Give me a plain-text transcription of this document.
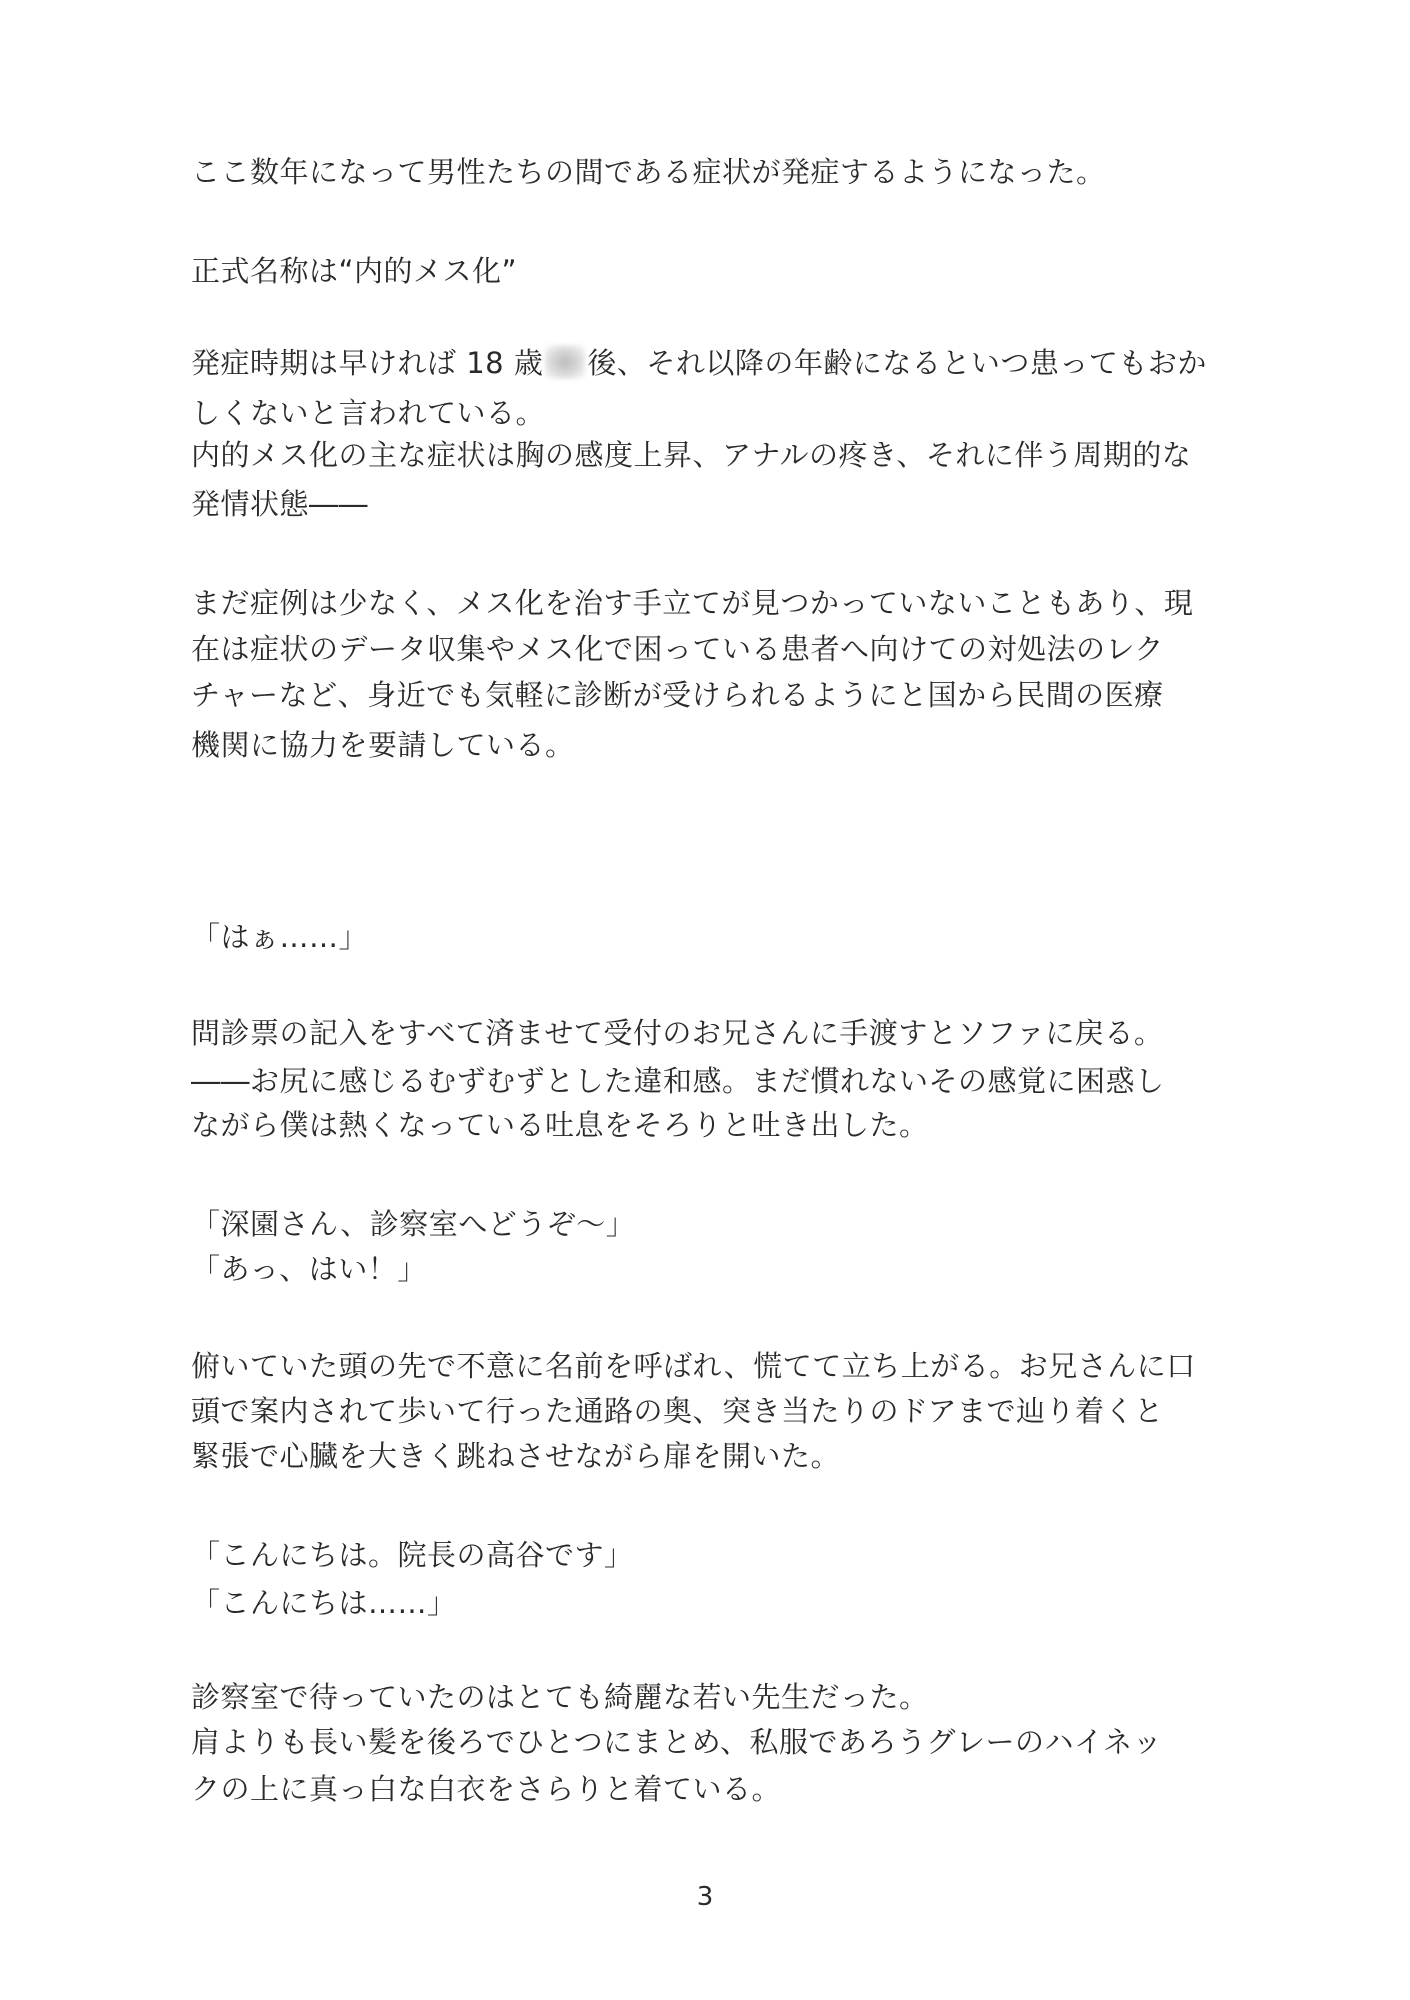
ここ数年になって男性たちの間である症状が発症するようになった。
正式名称は“内的メス化”
発症時期は早ければ 18 歳 後、それ以降の年齢になるといつ患ってもおか
しくないと言われている。
内的メス化の主な症状は胸の感度上昇、アナルの疼き、それに伴う周期的な
発情状態――
まだ症例は少なく、メス化を治す手立てが見つかっていないこともあり、現
在は症状のデータ収集やメス化で困っている患者へ向けての対処法のレク
チャーなど、身近でも気軽に診断が受けられるようにと国から民間の医療
機関に協力を要請している。
「はぁ……」
問診票の記入をすべて済ませて受付のお兄さんに手渡すとソファに戻る。
――お尻に感じるむずむずとした違和感。まだ慣れないその感覚に困惑し
ながら僕は熱くなっている吐息をそろりと吐き出した。
「深園さん、診察室へどうぞ～」
「あっ、はい！」
俯いていた頭の先で不意に名前を呼ばれ、慌てて立ち上がる。お兄さんに口
頭で案内されて歩いて行った通路の奥、突き当たりのドアまで辿り着くと
緊張で心臓を大きく跳ねさせながら扉を開いた。
「こんにちは。院長の高谷です」
「こんにちは……」
診察室で待っていたのはとても綺麗な若い先生だった。
肩よりも長い髪を後ろでひとつにまとめ、私服であろうグレーのハイネッ
クの上に真っ白な白衣をさらりと着ている。
3
